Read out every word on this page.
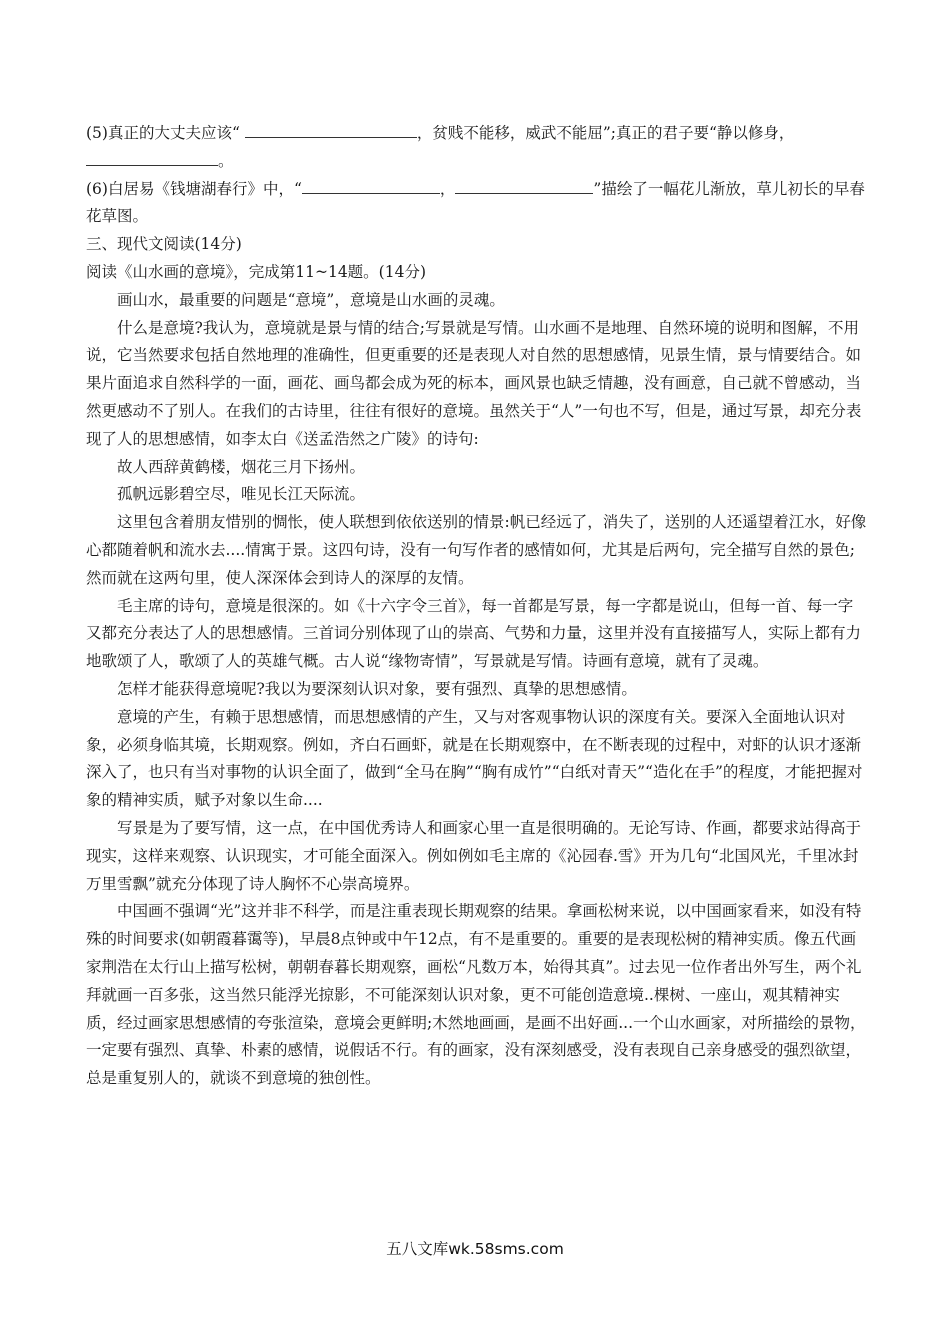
(5)真正的大丈夫应该“	，贫贱不能移，威武不能屈”;真正的君子要“静以修身，。

(6)白居易《钱塘湖春行》中，“	，	”描绘了一幅花儿渐放，草儿初长的早春花草图。

三、现代文阅读(14分)

阅读《山水画的意境》，完成第11~14题。(14分)

画山水，最重要的问题是“意境”，意境是山水画的灵魂。

什么是意境?我认为，意境就是景与情的结合;写景就是写情。山水画不是地理、自然环境的说明和图解，不用说，它当然要求包括自然地理的准确性，但更重要的还是表现人对自然的思想感情，见景生情，景与情要结合。如果片面追求自然科学的一面，画花、画鸟都会成为死的标本，画风景也缺乏情趣，没有画意，自己就不曾感动，当然更感动不了别人。在我们的古诗里，往往有很好的意境。虽然关于“人”一句也不写，但是，通过写景，却充分表现了人的思想感情，如李太白《送孟浩然之广陵》的诗句:

故人西辞黄鹤楼，烟花三月下扬州。

孤帆远影碧空尽，唯见长江天际流。

这里包含着朋友惜别的惆怅，使人联想到依依送别的情景:帆已经远了，消失了，送别的人还遥望着江水，好像心都随着帆和流水去....情寓于景。这四句诗，没有一句写作者的感情如何，尤其是后两句，完全描写自然的景色;然而就在这两句里，使人深深体会到诗人的深厚的友情。

毛主席的诗句，意境是很深的。如《十六字令三首》，每一首都是写景，每一字都是说山，但每一首、每一字又都充分表达了人的思想感情。三首词分别体现了山的崇高、气势和力量，这里并没有直接描写人，实际上都有力地歌颂了人，歌颂了人的英雄气概。古人说“缘物寄情”，写景就是写情。诗画有意境，就有了灵魂。

怎样才能获得意境呢?我以为要深刻认识对象，要有强烈、真挚的思想感情。

意境的产生，有赖于思想感情，而思想感情的产生，又与对客观事物认识的深度有关。要深入全面地认识对象，必须身临其境，长期观察。例如，齐白石画虾，就是在长期观察中，在不断表现的过程中，对虾的认识才逐渐深入了，也只有当对事物的认识全面了，做到“全马在胸”“胸有成竹”“白纸对青天”“造化在手”的程度，才能把握对象的精神实质，赋予对象以生命....

写景是为了要写情，这一点，在中国优秀诗人和画家心里一直是很明确的。无论写诗、作画，都要求站得高于现实，这样来观察、认识现实，才可能全面深入。例如例如毛主席的《沁园春.雪》开为几句“北国风光，千里冰封万里雪飘”就充分体现了诗人胸怀不心崇高境界。

中国画不强调“光”这并非不科学，而是注重表现长期观察的结果。拿画松树来说，以中国画家看来，如没有特殊的时间要求(如朝霞暮霭等)，早晨8点钟或中午12点，有不是重要的。重要的是表现松树的精神实质。像五代画家荆浩在太行山上描写松树，朝朝春暮长期观察，画松“凡数万本，始得其真”。过去见一位作者出外写生，两个礼拜就画一百多张，这当然只能浮光掠影，不可能深刻认识对象，更不可能创造意境..棵树、一座山，观其精神实质，经过画家思想感情的夸张渲染，意境会更鲜明;木然地画画，是画不出好画...一个山水画家，对所描绘的景物，一定要有强烈、真挚、朴素的感情，说假话不行。有的画家，没有深刻感受，没有表现自己亲身感受的强烈欲望，总是重复别人的，就谈不到意境的独创性。

五八文库wk.58sms.com
